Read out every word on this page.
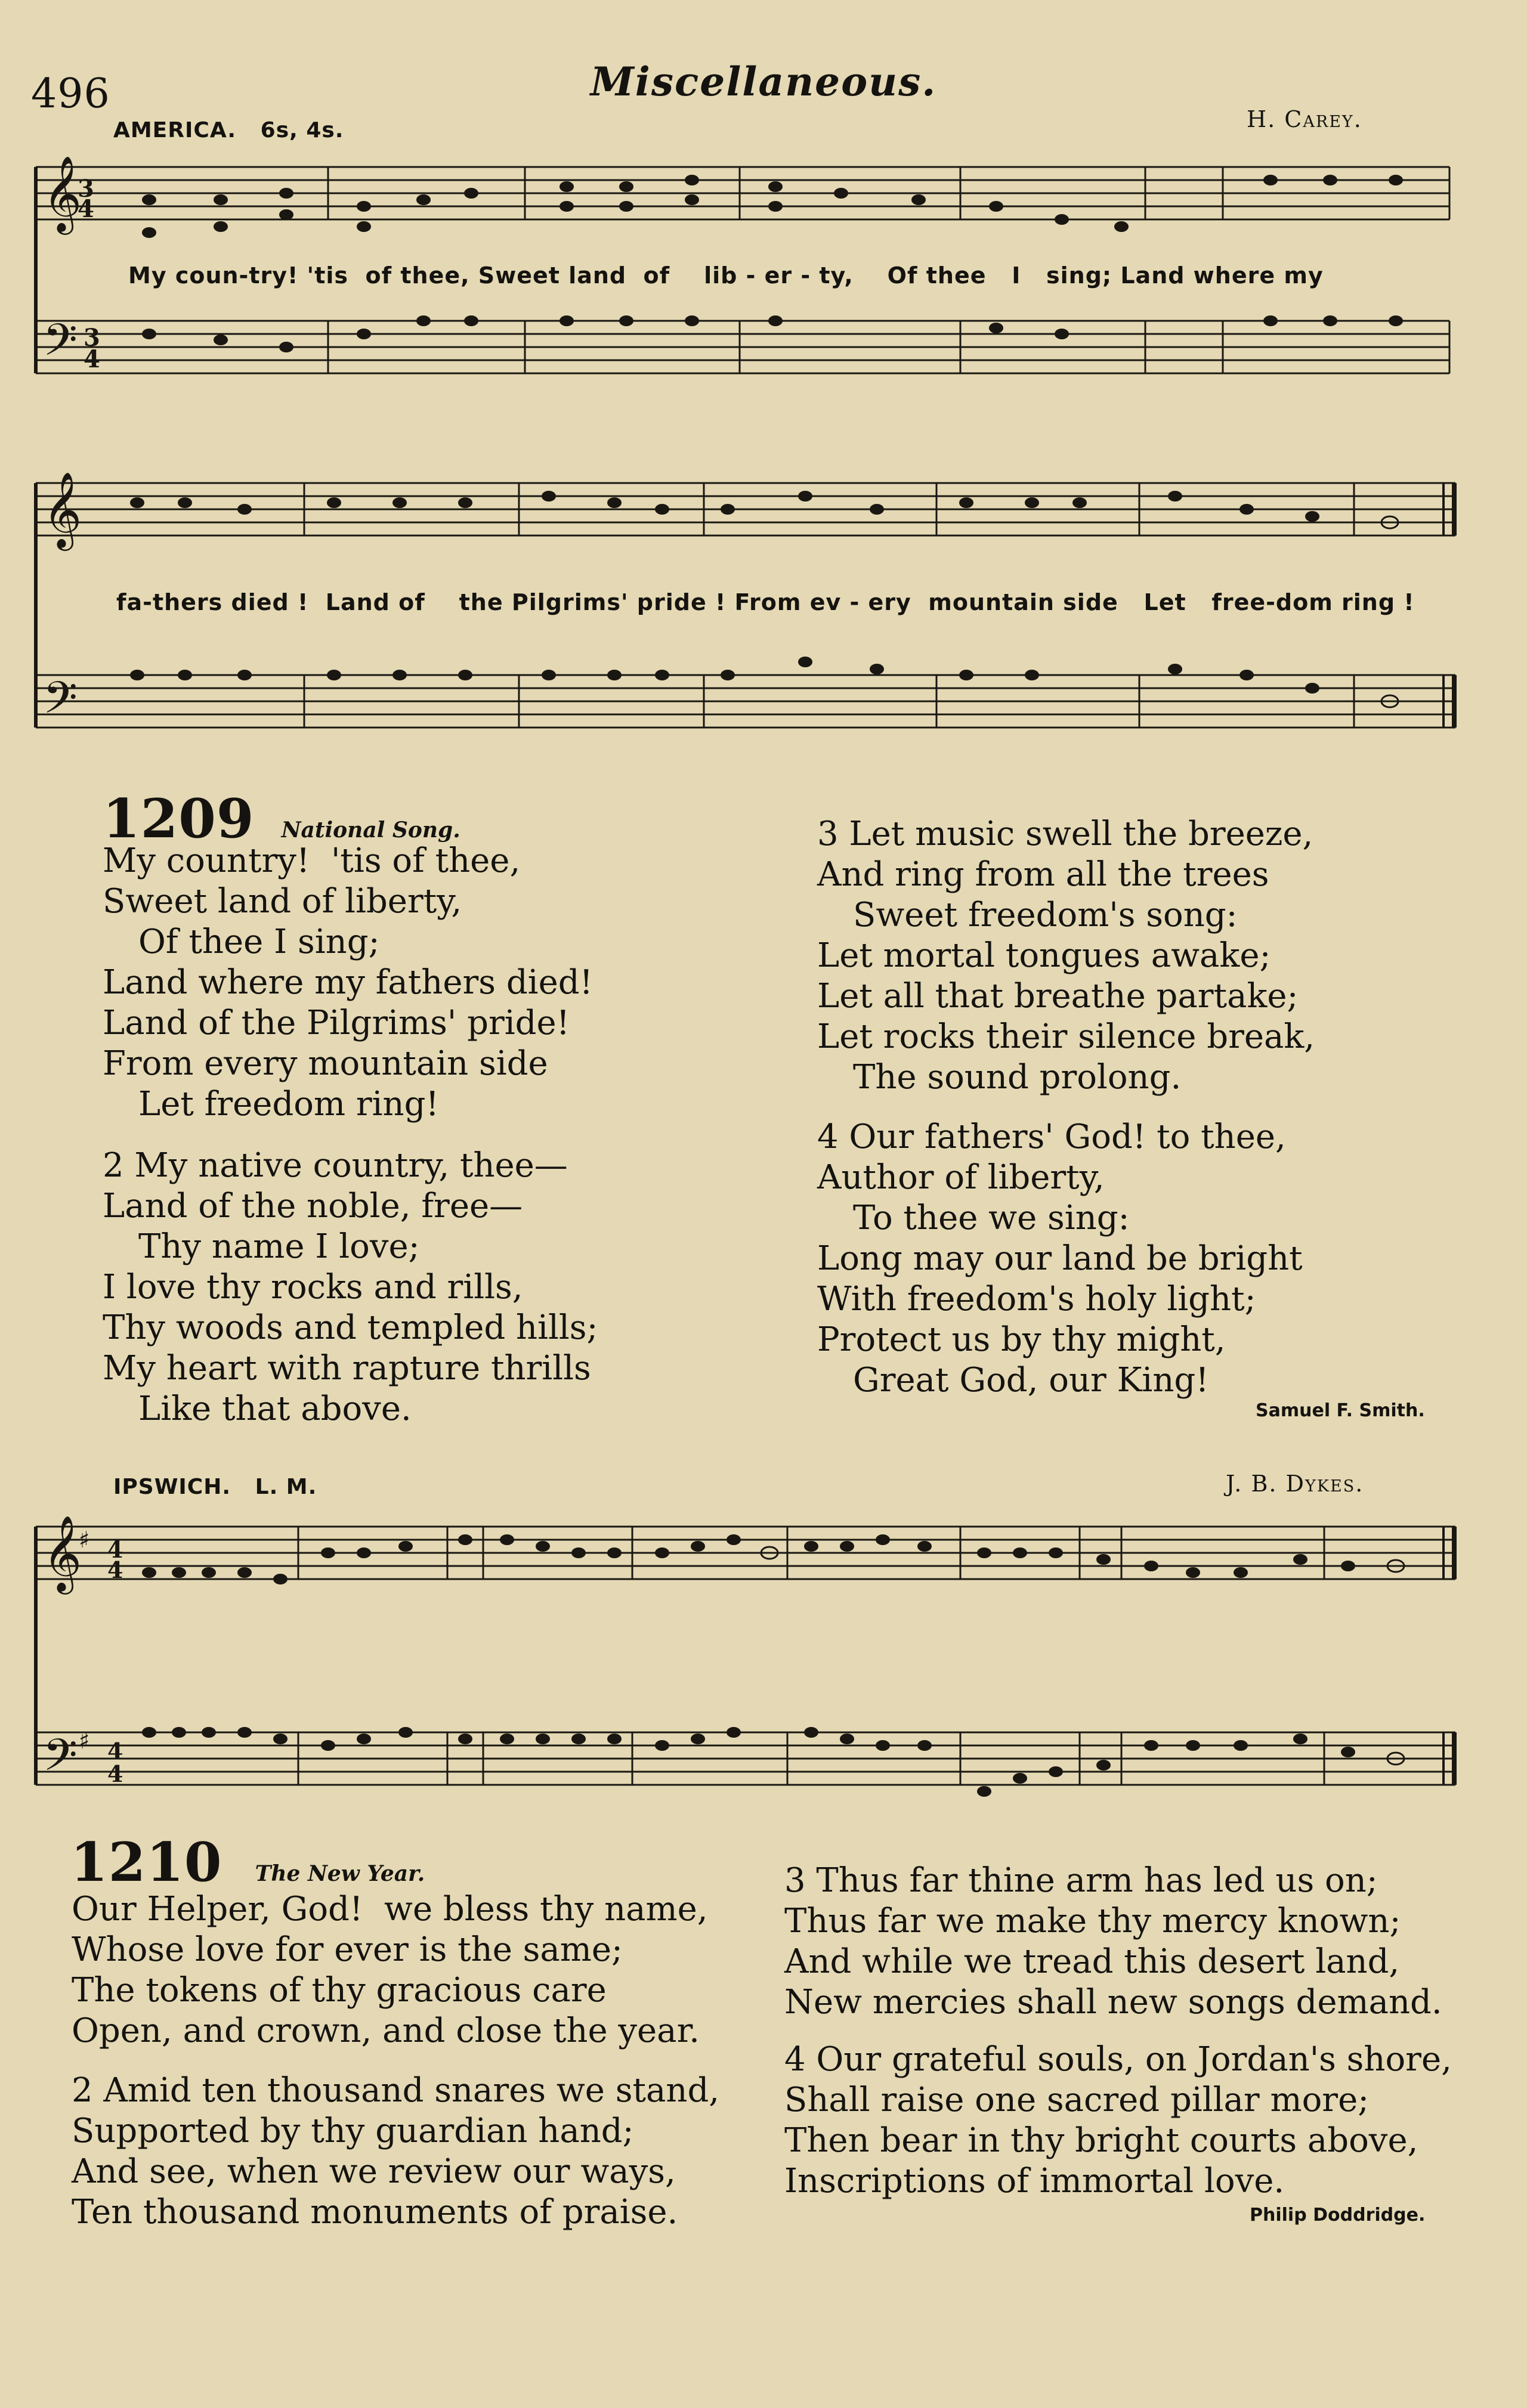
496	Miscellaneous.
AMERICA. 6s, 4s.	H. Carey.
𝄞
3
4
𝄢 3
4
My coun-try! 'tis  of thee, Sweet land  of    lib - er - ty,    Of thee   I   sing; Land where my
𝄞
𝄢
fa-thers died !  Land of    the Pilgrims' pride ! From ev - ery  mountain side   Let   free-dom ring !
1209 National Song.
My country!  'tis of thee,
Sweet land of liberty,
Of thee I sing;
Land where my fathers died!
Land of the Pilgrims' pride!
From every mountain side
Let freedom ring!
2 My native country, thee—
Land of the noble, free—
Thy name I love;
I love thy rocks and rills,
Thy woods and templed hills;
My heart with rapture thrills
Like that above.
3 Let music swell the breeze,
And ring from all the trees
Sweet freedom's song:
Let mortal tongues awake;
Let all that breathe partake;
Let rocks their silence break,
The sound prolong.
4 Our fathers' God! to thee,
Author of liberty,
To thee we sing:
Long may our land be bright
With freedom's holy light;
Protect us by thy might,
Great God, our King!
Samuel F. Smith.
IPSWICH. L. M.	J. B. Dykes.
𝄞
♯ 4
4
𝄢 ♯ 4
4
1210 The New Year.
Our Helper, God!  we bless thy name,
Whose love for ever is the same;
The tokens of thy gracious care
Open, and crown, and close the year.
2 Amid ten thousand snares we stand,
Supported by thy guardian hand;
And see, when we review our ways,
Ten thousand monuments of praise.
3 Thus far thine arm has led us on;
Thus far we make thy mercy known;
And while we tread this desert land,
New mercies shall new songs demand.
4 Our grateful souls, on Jordan's shore,
Shall raise one sacred pillar more;
Then bear in thy bright courts above,
Inscriptions of immortal love.
Philip Doddridge.
